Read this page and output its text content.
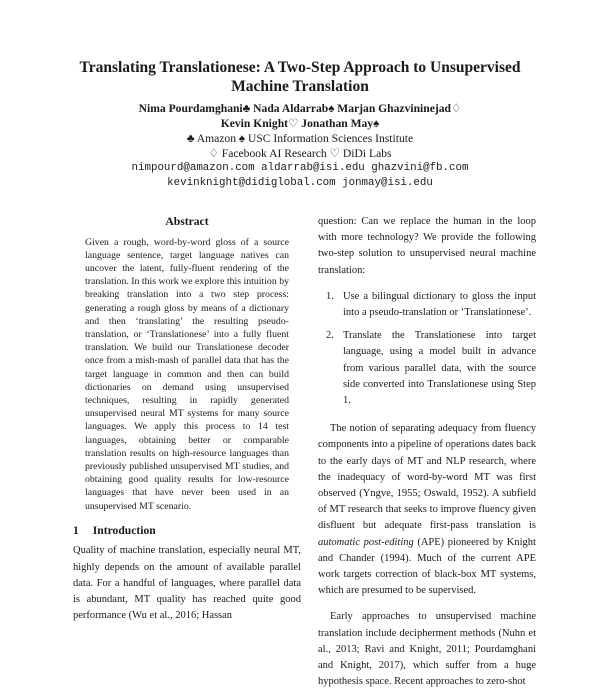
Translating Translationese: A Two-Step Approach to Unsupervised
Machine Translation
Nima Pourdamghani♣ Nada Aldarrab♠ Marjan Ghazvininejad♢
Kevin Knight♡ Jonathan May♠
♣ Amazon ♠ USC Information Sciences Institute
♢ Facebook AI Research ♡ DiDi Labs
nimpourd@amazon.com aldarrab@isi.edu ghazvini@fb.com
kevinknight@didiglobal.com jonmay@isi.edu
Abstract
Given a rough, word-by-word gloss of a source language sentence, target language natives can uncover the latent, fully-fluent rendering of the translation. In this work we explore this intuition by breaking translation into a two step process: generating a rough gloss by means of a dictionary and then ‘translating’ the resulting pseudo-translation, or ‘Translationese’ into a fully fluent translation. We build our Translationese decoder once from a mish-mash of parallel data that has the target language in common and then can build dictionaries on demand using unsupervised techniques, resulting in rapidly generated unsupervised neural MT systems for many source languages. We apply this process to 14 test languages, obtaining better or comparable translation results on high-resource languages than previously published unsupervised MT studies, and obtaining good quality results for low-resource languages that have never been used in an unsupervised MT scenario.
1 Introduction

Quality of machine translation, especially neural MT, highly depends on the amount of available parallel data. For a handful of languages, where parallel data is abundant, MT quality has reached quite good performance (Wu et al., 2016; Hassan

question: Can we replace the human in the loop with more technology? We provide the following two-step solution to unsupervised neural machine translation:

1. Use a bilingual dictionary to gloss the input into a pseudo-translation or ‘Translationese’.
2. Translate the Translationese into target language, using a model built in advance from various parallel data, with the source side converted into Translationese using Step 1.

The notion of separating adequacy from fluency components into a pipeline of operations dates back to the early days of MT and NLP research, where the inadequacy of word-by-word MT was first observed (Yngve, 1955; Oswald, 1952). A subfield of MT research that seeks to improve fluency given disfluent but adequate first-pass translation is automatic post-editing (APE) pioneered by Knight and Chander (1994). Much of the current APE work targets correction of black-box MT systems, which are presumed to be supervised.

Early approaches to unsupervised machine translation include decipherment methods (Nuhn et al., 2013; Ravi and Knight, 2011; Pourdamghani and Knight, 2017), which suffer from a huge hypothesis space. Recent approaches to zero-shot
